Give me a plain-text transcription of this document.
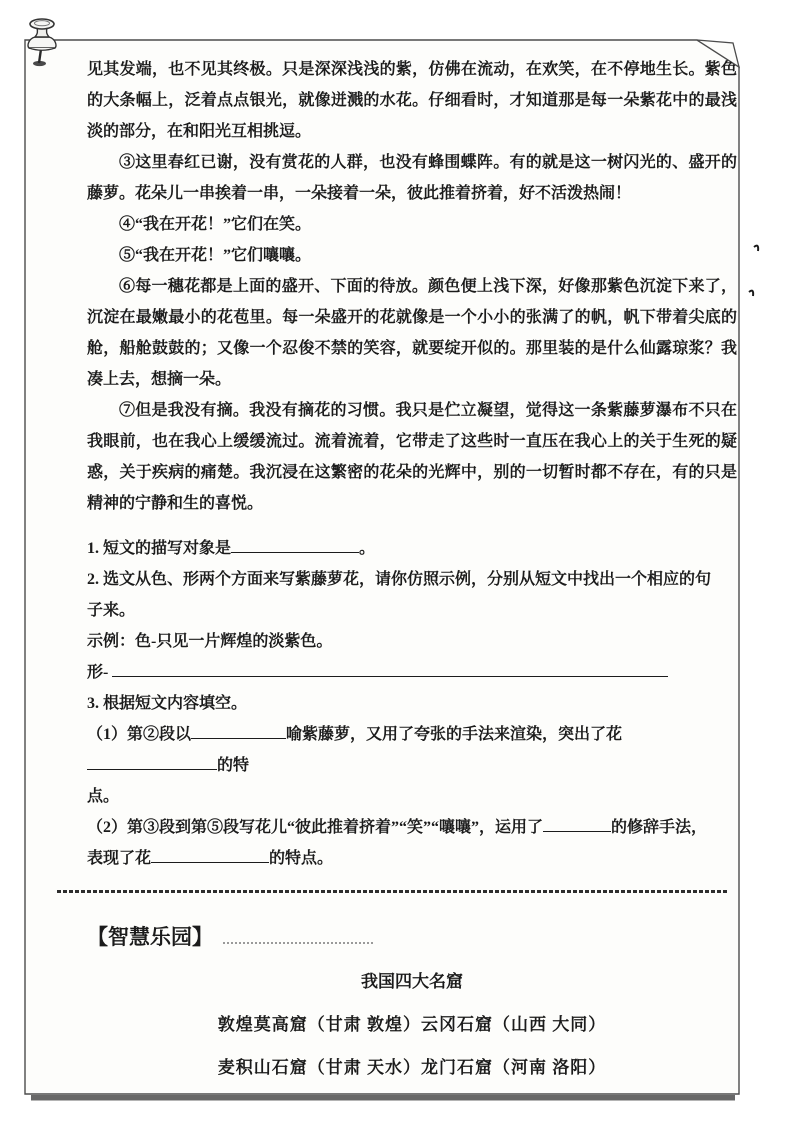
见其发端，也不见其终极。只是深深浅浅的紫，仿佛在流动，在欢笑，在不停地生长。紫色的大条幅上，泛着点点银光，就像迸溅的水花。仔细看时，才知道那是每一朵紫花中的最浅淡的部分，在和阳光互相挑逗。

③这里春红已谢，没有赏花的人群，也没有蜂围蝶阵。有的就是这一树闪光的、盛开的藤萝。花朵儿一串挨着一串，一朵接着一朵，彼此推着挤着，好不活泼热闹！

④“我在开花！”它们在笑。

⑤“我在开花！”它们嚷嚷。

⑥每一穗花都是上面的盛开、下面的待放。颜色便上浅下深，好像那紫色沉淀下来了，沉淀在最嫩最小的花苞里。每一朵盛开的花就像是一个小小的张满了的帆，帆下带着尖底的舱，船舱鼓鼓的；又像一个忍俊不禁的笑容，就要绽开似的。那里装的是什么仙露琼浆？我凑上去，想摘一朵。

⑦但是我没有摘。我没有摘花的习惯。我只是伫立凝望，觉得这一条紫藤萝瀑布不只在我眼前，也在我心上缓缓流过。流着流着，它带走了这些时一直压在我心上的关于生死的疑惑，关于疾病的痛楚。我沉浸在这繁密的花朵的光辉中，别的一切暂时都不存在，有的只是精神的宁静和生的喜悦。

1. 短文的描写对象是	。

2. 选文从色、形两个方面来写紫藤萝花，请你仿照示例，分别从短文中找出一个相应的句

子来。

示例：色-只见一片辉煌的淡紫色。

形-

3. 根据短文内容填空。

（1）第②段以	喻紫藤萝，又用了夸张的手法来渲染，突出了花的特

点。

（2）第③段到第⑤段写花儿“彼此推着挤着”“笑”“嚷嚷”，运用了	的修辞手法，

表现了花	的特点。

【智慧乐园】
我国四大名窟
敦煌莫高窟（甘肃 敦煌）云冈石窟（山西 大同）
麦积山石窟（甘肃 天水）龙门石窟（河南 洛阳）
